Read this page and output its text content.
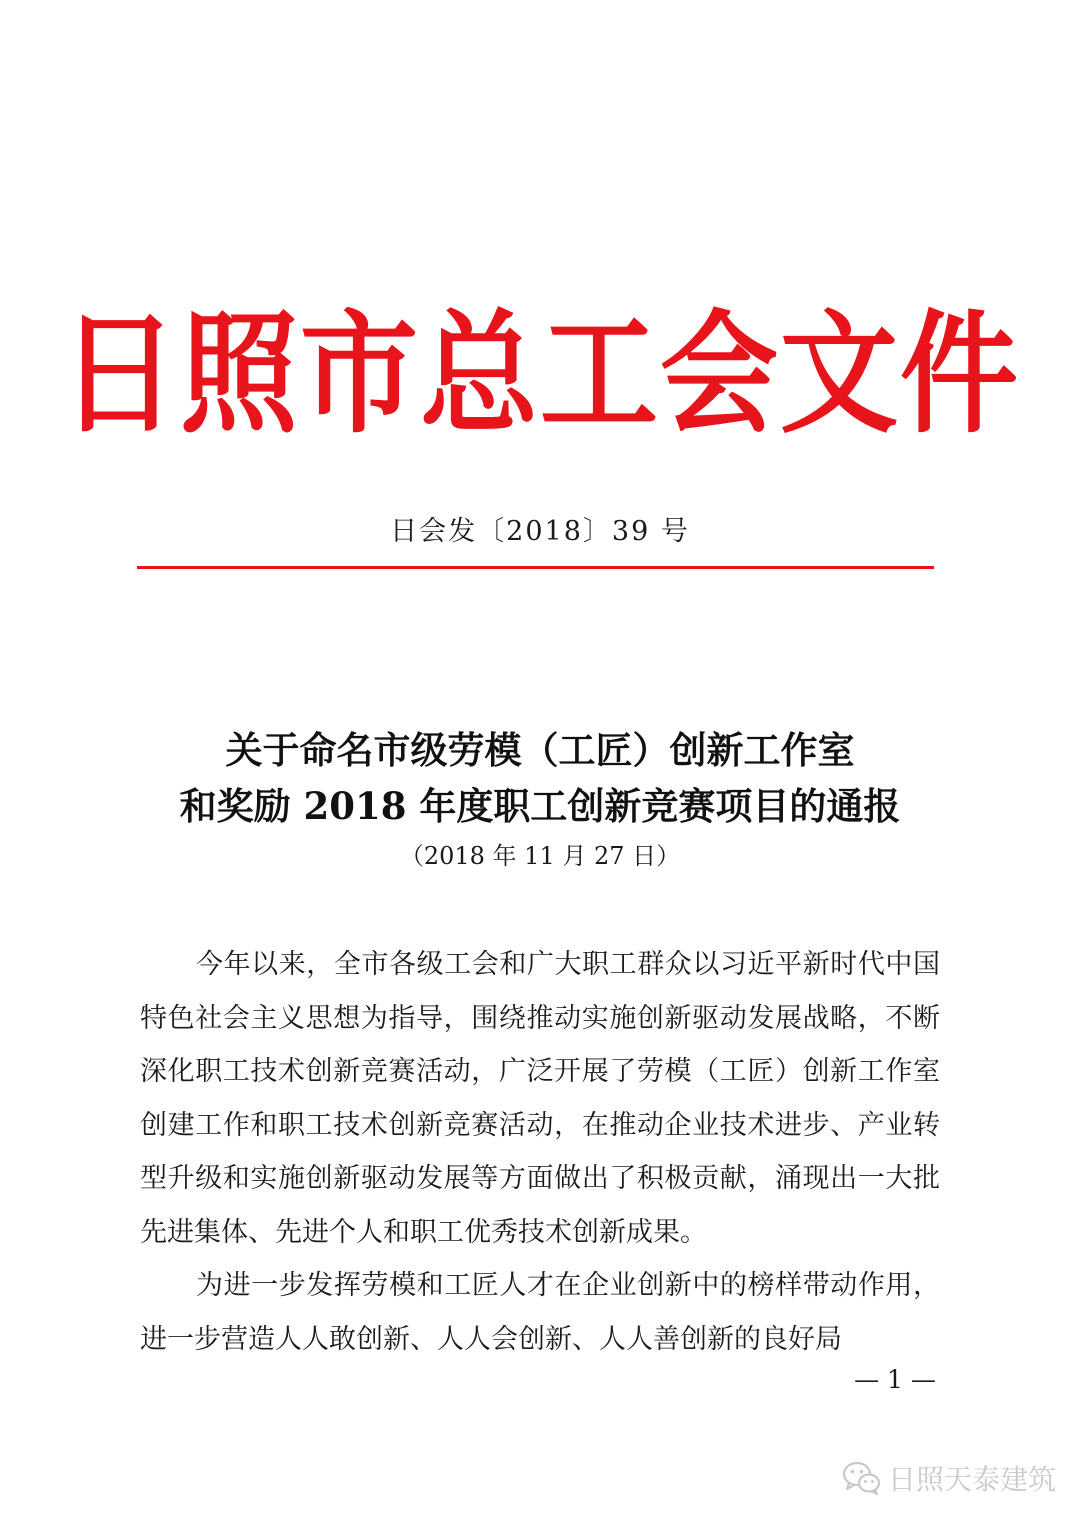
日照市总工会文件
日会发〔2018〕39 号
关于命名市级劳模（工匠）创新工作室
和奖励 2018 年度职工创新竞赛项目的通报
（2018 年 11 月 27 日）

今年以来，全市各级工会和广大职工群众以习近平新时代中国特色社会主义思想为指导，围绕推动实施创新驱动发展战略，不断深化职工技术创新竞赛活动，广泛开展了劳模（工匠）创新工作室创建工作和职工技术创新竞赛活动，在推动企业技术进步、产业转型升级和实施创新驱动发展等方面做出了积极贡献，涌现出一大批先进集体、先进个人和职工优秀技术创新成果。

为进一步发挥劳模和工匠人才在企业创新中的榜样带动作用，进一步营造人人敢创新、人人会创新、人人善创新的良好局

— 1 —
日照天泰建筑
